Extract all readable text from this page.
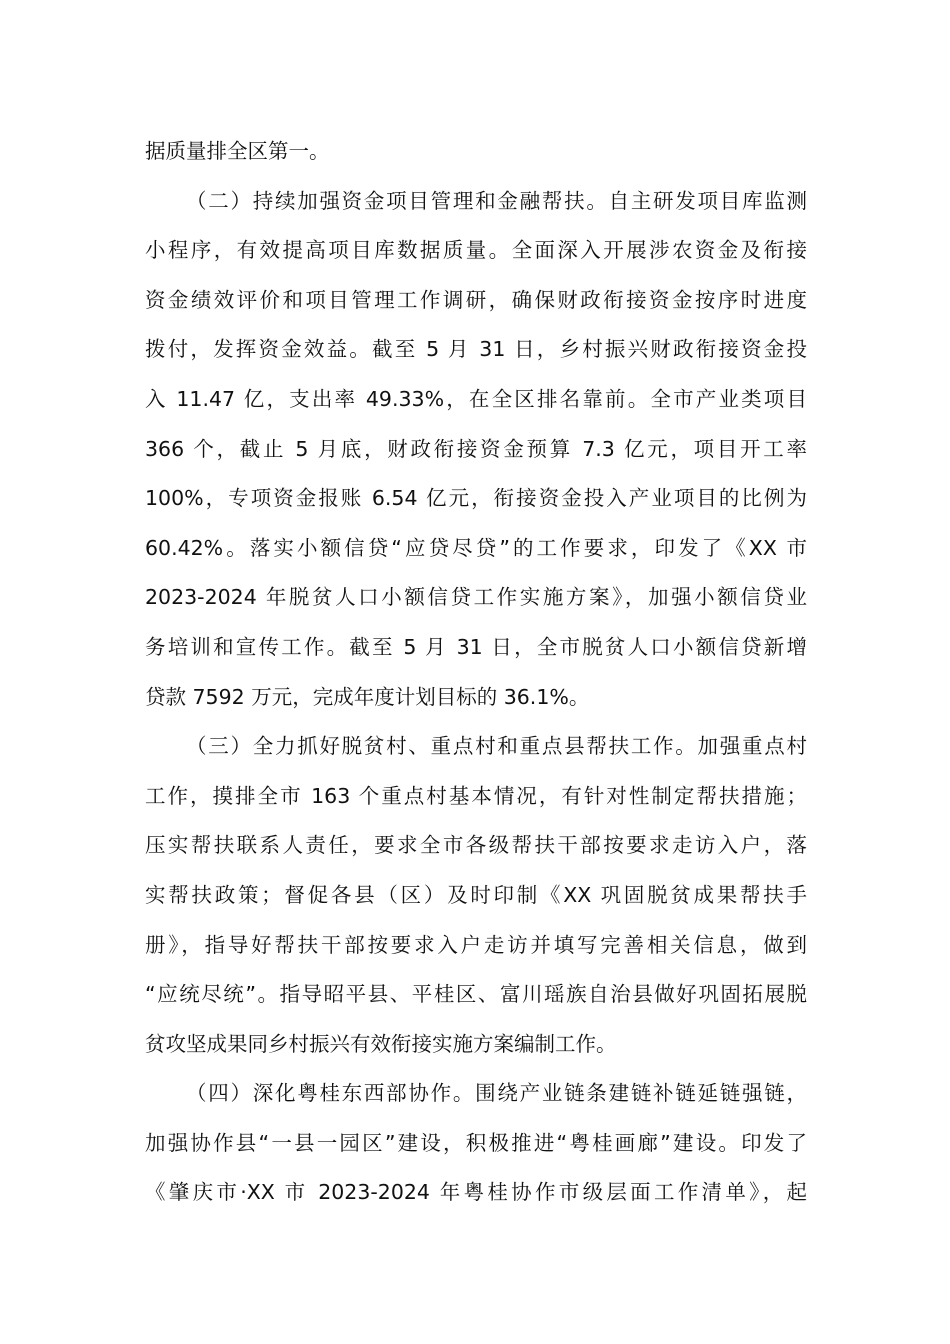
据质量排全区第一。
（二）持续加强资金项目管理和金融帮扶。自主研发项目库监测
小程序，有效提高项目库数据质量。全面深入开展涉农资金及衔接
资金绩效评价和项目管理工作调研，确保财政衔接资金按序时进度
拨付，发挥资金效益。截至 5 月 31 日，乡村振兴财政衔接资金投
入 11.47 亿，支出率 49.33%，在全区排名靠前。全市产业类项目
366 个，截止 5 月底，财政衔接资金预算 7.3 亿元，项目开工率
100%，专项资金报账 6.54 亿元，衔接资金投入产业项目的比例为
60.42%。落实小额信贷“应贷尽贷”的工作要求，印发了《XX 市
2023-2024 年脱贫人口小额信贷工作实施方案》，加强小额信贷业
务培训和宣传工作。截至 5 月 31 日，全市脱贫人口小额信贷新增
贷款 7592 万元，完成年度计划目标的 36.1%。
（三）全力抓好脱贫村、重点村和重点县帮扶工作。加强重点村
工作，摸排全市 163 个重点村基本情况，有针对性制定帮扶措施；
压实帮扶联系人责任，要求全市各级帮扶干部按要求走访入户，落
实帮扶政策；督促各县（区）及时印制《XX 巩固脱贫成果帮扶手
册》，指导好帮扶干部按要求入户走访并填写完善相关信息，做到
“应统尽统”。指导昭平县、平桂区、富川瑶族自治县做好巩固拓展脱
贫攻坚成果同乡村振兴有效衔接实施方案编制工作。
（四）深化粤桂东西部协作。围绕产业链条建链补链延链强链，
加强协作县“一县一园区”建设，积极推进“粤桂画廊”建设。印发了
《肇庆市·XX 市 2023-2024 年粤桂协作市级层面工作清单》，起
